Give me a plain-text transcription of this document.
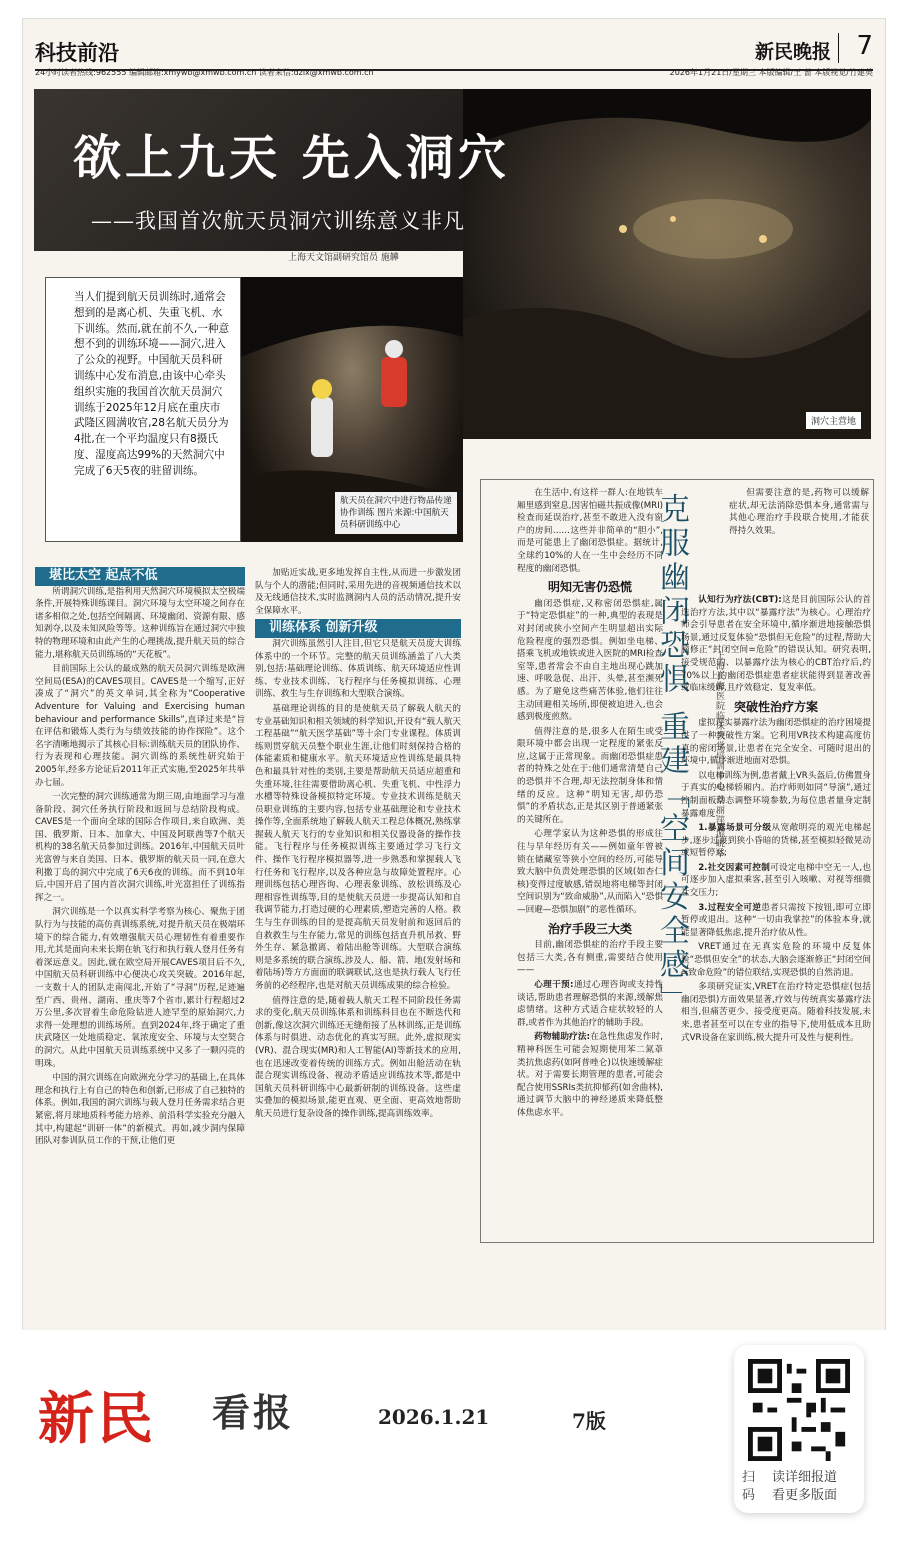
科技前沿	新民晚报 7
24小时读者热线:962555 编辑邮箱:xmywb@xmwb.com.cn 读者来信:dzlx@xmwb.com.cn	2026年1月21日/星期三 本版编辑/王 蔷 本版视觉/竹建英
洞穴主营地
欲上九天 先入洞穴
——我国首次航天员洞穴训练意义非凡
上海天文馆副研究馆员 施韡
当人们提到航天员训练时,通常会想到的是离心机、失重飞机、水下训练。然而,就在前不久,一种意想不到的训练环境——洞穴,进入了公众的视野。中国航天员科研训练中心发布消息,由该中心牵头组织实施的我国首次航天员洞穴训练于2025年12月底在重庆市武隆区圆满收官,28名航天员分为4批,在一个平均温度只有8摄氏度、湿度高达99%的天然洞穴中完成了6天5夜的驻留训练。
航天员在洞穴中进行物品传递协作训练 图片来源:中国航天员科研训练中心
堪比太空 起点不低

所谓洞穴训练,是指利用天然洞穴环境模拟太空极端条件,开展特殊训练课目。洞穴环境与太空环境之间存在诸多相似之处,包括空间隔离、环境幽闭、资源有限、感知剥夺,以及未知风险等等。这种训练旨在通过洞穴中独特的物理环境和由此产生的心理挑战,提升航天员的综合能力,堪称航天员训练场的“天花板”。

目前国际上公认的最成熟的航天员洞穴训练是欧洲空间局(ESA)的CAVES项目。CAVES是一个缩写,正好凑成了“洞穴”的英文单词,其全称为“Cooperative Adventure for Valuing and Exercising human behaviour and performance Skills”,直译过来是“旨在评估和锻炼人类行为与绩效技能的协作探险”。这个名字清晰地揭示了其核心目标:训练航天员的团队协作、行为表现和心理技能。洞穴训练的系统性研究始于2005年,经多方论证后2011年正式实施,至2025年共举办七届。

一次完整的洞穴训练通常为期三周,由地面学习与准备阶段、洞穴任务执行阶段和返回与总结阶段构成。CAVES是一个面向全球的国际合作项目,来自欧洲、美国、俄罗斯、日本、加拿大、中国及阿联酋等7个航天机构的38名航天员参加过训练。2016年,中国航天员叶光富曾与来自美国、日本、俄罗斯的航天员一同,在意大利撒丁岛的洞穴中完成了6天6夜的训练。而不到10年后,中国开启了国内首次洞穴训练,叶光富担任了训练指挥之一。

洞穴训练是一个以真实科学考察为核心、聚焦于团队行为与技能的高仿真训练系统,对提升航天员在极端环境下的综合能力,有效增强航天员心理韧性有着重要作用,尤其是面向未来长期在轨飞行和执行载人登月任务有着深远意义。因此,就在欧空局开展CAVES项目后不久,中国航天员科研训练中心便决心攻关突破。2016年起,一支数十人的团队走南闯北,开始了“寻洞”历程,足迹遍至广西、贵州、湖南、重庆等7个省市,累计行程超过2万公里,多次冒着生命危险钻进人迹罕至的原始洞穴,力求得一处理想的训练场所。直到2024年,终于确定了重庆武隆区一处地质稳定、氧浓度安全、环境与太空契合的洞穴。从此中国航天员训练系统中又多了一颗闪亮的明珠。

中国的洞穴训练在向欧洲充分学习的基础上,在具体理念和执行上有自己的特色和创新,已形成了自己独特的体系。例如,我国的洞穴训练与载人登月任务需求结合更紧密,将月球地质科考能力培养、前沿科学实验充分融入其中,构建起“训研一体”的新模式。再如,减少洞内保障团队对参训队员工作的干预,让他们更

加贴近实战,更多地发挥自主性,从而进一步激发团队与个人的潜能;但同时,采用先进的音视频通信技术以及无线通信技术,实时监测洞内人员的活动情况,提升安全保障水平。

训练体系 创新升级

洞穴训练虽然引人注目,但它只是航天员庞大训练体系中的一个环节。完整的航天员训练涵盖了八大类别,包括:基础理论训练、体质训练、航天环境适应性训练、专业技术训练、飞行程序与任务模拟训练、心理训练、救生与生存训练和大型联合演练。

基础理论训练的目的是使航天员了解载人航天的专业基础知识和相关领域的科学知识,开设有“载人航天工程基础”“航天医学基础”等十余门专业课程。体质训练则贯穿航天员整个职业生涯,让他们时刻保持合格的体能素质和健康水平。航天环境适应性训练是最具特色和最具针对性的类别,主要是帮助航天员适应超重和失重环境,往往需要借助离心机、失重飞机、中性浮力水槽等特殊设备模拟特定环境。专业技术训练是航天员职业训练的主要内容,包括专业基础理论和专业技术操作等,全面系统地了解载人航天工程总体概况,熟练掌握载人航天飞行的专业知识和相关仪器设备的操作技能。飞行程序与任务模拟训练主要通过学习飞行文件、操作飞行程序模拟器等,进一步熟悉和掌握载人飞行任务和飞行程序,以及各种应急与故障处置程序。心理训练包括心理咨询、心理表象训练、放松训练及心理相容性训练等,目的是使航天员进一步提高认知和自我调节能力,打造过硬的心理素质,塑造完善的人格。救生与生存训练的目的是提高航天员发射前和返回后的自救救生与生存能力,常见的训练包括直升机吊救、野外生存、紧急撤离、着陆出舱等训练。大型联合演练则是多系统的联合演练,涉及人、船、箭、地(发射场和着陆场)等方方面面的联调联试,这也是执行载人飞行任务前的必经程序,也是对航天员训练成果的综合检验。

值得注意的是,随着载人航天工程不同阶段任务需求的变化,航天员训练体系和训练科目也在不断迭代和创新,像这次洞穴训练还无缝衔接了丛林训练,正是训练体系与时俱进、动态优化的真实写照。此外,虚拟现实(VR)、混合现实(MR)和人工智能(AI)等新技术的应用,也在迅速改变着传统的训练方式。例如出舱活动在轨混合现实训练设备、视动矛盾适应训练技术等,都是中国航天员科研训练中心最新研制的训练设备。这些虚实叠加的模拟场景,能更直观、更全面、更高效地帮助航天员进行复杂设备的操作训练,提高训练效率。

克服幽闭恐惧 重建「空间安全感」	上海长海医院临床教学培训中心 蔡丽萍 游晓华

在生活中,有这样一群人:在地铁车厢里感到窒息,因害怕磁共振成像(MRI)检查而延误治疗,甚至不敢进入没有窗户的房间……这些并非简单的“胆小”,而是可能患上了幽闭恐惧症。据统计,全球约10%的人在一生中会经历不同程度的幽闭恐惧。

明知无害仍恐慌

幽闭恐惧症,又称密闭恐惧症,属于“特定恐惧症”的一种,典型的表现是对封闭或狭小空间产生明显超出实际危险程度的强烈恐惧。例如坐电梯、搭乘飞机或地铁或进入医院的MRI检查室等,患者常会不由自主地出现心跳加速、呼吸急促、出汗、头晕,甚至濒死感。为了避免这些痛苦体验,他们往往主动回避相关场所,即便被迫进入,也会感到极度煎熬。

值得注意的是,很多人在陌生或受限环境中都会出现一定程度的紧张反应,这属于正常现象。而幽闭恐惧症患者的特殊之处在于:他们通常清楚自己的恐惧并不合理,却无法控制身体和情绪的反应。这种“明知无害,却仍恐惧”的矛盾状态,正是其区别于普通紧张的关键所在。

心理学家认为这种恐惧的形成往往与早年经历有关——例如童年曾被锁在储藏室等狭小空间的经历,可能导致大脑中负责处理恐惧的区域(如杏仁核)变得过度敏感,错误地将电梯等封闭空间识别为“致命威胁”,从而陷入“恐惧—回避—恐惧加剧”的恶性循环。

治疗手段三大类

目前,幽闭恐惧症的治疗手段主要包括三大类,各有侧重,需要结合使用——

心理干预:通过心理咨询或支持性谈话,帮助患者理解恐惧的来源,缓解焦虑情绪。这种方式适合症状较轻的人群,或者作为其他治疗的辅助手段。

药物辅助疗法:在急性焦虑发作时,精神科医生可能会短期使用苯二氮䓬类抗焦虑药(如阿普唑仑)以快速缓解症状。对于需要长期管理的患者,可能会配合使用SSRIs类抗抑郁药(如舍曲林),通过调节大脑中的神经递质来降低整体焦虑水平。

但需要注意的是,药物可以缓解症状,却无法消除恐惧本身,通常需与其他心理治疗手段联合使用,才能获得持久效果。

认知行为疗法(CBT):这是目前国际公认的首选治疗方法,其中以“暴露疗法”为核心。心理治疗师会引导患者在安全环境中,循序渐进地接触恐惧场景,通过反复体验“恐惧但无危险”的过程,帮助大脑修正“封闭空间=危险”的错误认知。研究表明,接受规范的、以暴露疗法为核心的CBT治疗后,约70%以上的幽闭恐惧症患者症状能得到显著改善或临床缓解,且疗效稳定、复发率低。

突破性治疗方案

虚拟现实暴露疗法为幽闭恐惧症的治疗困境提供了一种突破性方案。它利用VR技术构建高度仿真的密闭场景,让患者在完全安全、可随时退出的环境中,循序渐进地面对恐惧。

以电梯训练为例,患者戴上VR头盔后,仿佛置身于真实的电梯轿厢内。治疗师则如同“导演”,通过控制面板动态调整环境参数,为每位患者量身定制暴露难度:

1.暴露场景可分级从宽敞明亮的观光电梯起步,逐步过渡到狭小昏暗的货梯,甚至模拟轻微晃动或短暂停运;

2.社交因素可控制可设定电梯中空无一人,也可逐步加入虚拟乘客,甚至引入咳嗽、对视等细微社交压力;

3.过程安全可逆患者只需按下按钮,即可立即暂停或退出。这种“一切由我掌控”的体验本身,就能显著降低焦虑,提升治疗依从性。

VRET通过在无真实危险的环境中反复体验“恐惧但安全”的状态,大脑会逐渐修正“封闭空间=致命危险”的错位联结,实现恐惧的自然消退。

多项研究证实,VRET在治疗特定恐惧症(包括幽闭恐惧)方面效果显著,疗效与传统真实暴露疗法相当,但痛苦更少、接受度更高。随着科技发展,未来,患者甚至可以在专业的指导下,使用低成本且助式VR设备在家训练,极大提升可及性与便利性。

新民 看报	2026.1.21	7版
扫码
读详细报道
看更多版面
